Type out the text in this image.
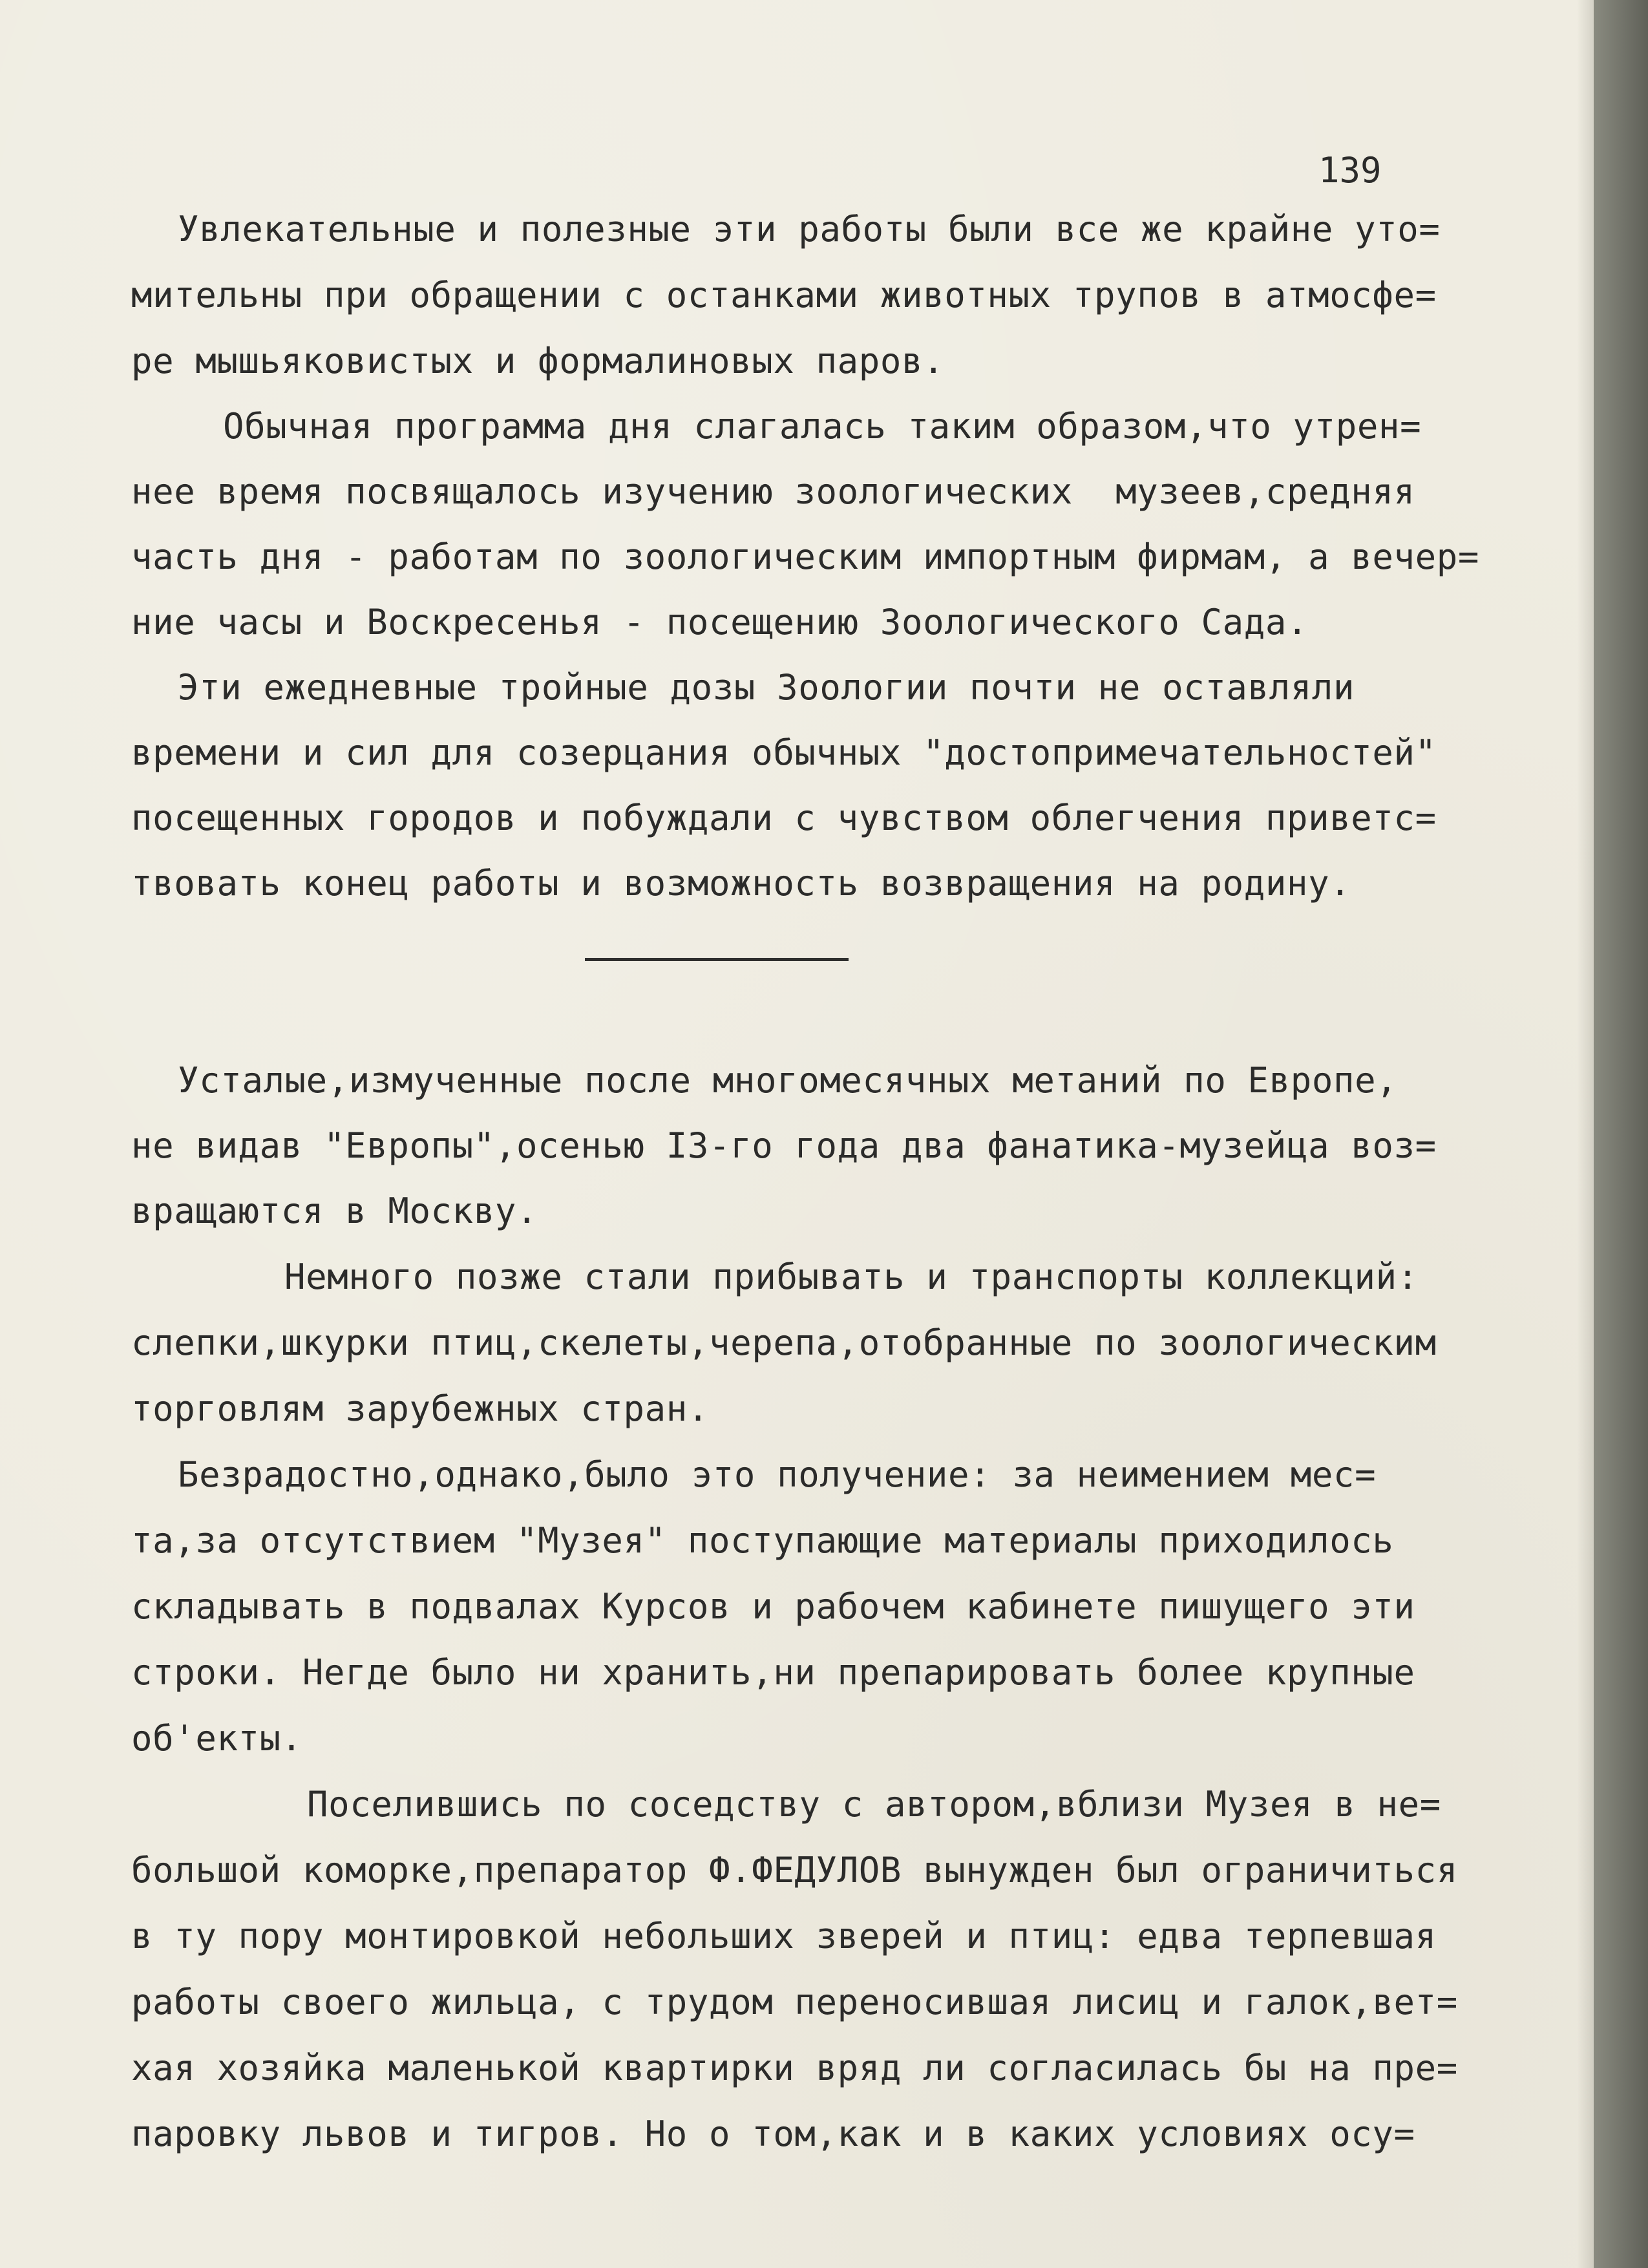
139
Увлекательные и полезные эти работы были все же крайне уто=
мительны при обращении с останками животных трупов в атмосфе=
ре мышьяковистых и формалиновых паров.
Обычная программа дня слагалась таким образом,что утрен=
нее время посвящалось изучению зоологических  музеев,средняя
часть дня - работам по зоологическим импортным фирмам, а вечер=
ние часы и Воскресенья - посещению Зоологического Сада.
Эти ежедневные тройные дозы Зоологии почти не оставляли
времени и сил для созерцания обычных "достопримечательностей"
посещенных городов и побуждали с чувством облегчения приветс=
твовать конец работы и возможность возвращения на родину.
Усталые,измученные после многомесячных метаний по Европе,
не видав "Европы",осенью I3-го года два фанатика-музейца воз=
вращаются в Москву.
Немного позже стали прибывать и транспорты коллекций:
слепки,шкурки птиц,скелеты,черепа,отобранные по зоологическим
торговлям зарубежных стран.
Безрадостно,однако,было это получение: за неимением мес=
та,за отсутствием "Музея" поступающие материалы приходилось
складывать в подвалах Курсов и рабочем кабинете пишущего эти
строки. Негде было ни хранить,ни препарировать более крупные
об'екты.
Поселившись по соседству с автором,вблизи Музея в не=
большой коморке,препаратор Ф.ФЕДУЛОВ вынужден был ограничиться
в ту пору монтировкой небольших зверей и птиц: едва терпевшая
работы своего жильца, с трудом переносившая лисиц и галок,вет=
хая хозяйка маленькой квартирки вряд ли согласилась бы на пре=
паровку львов и тигров. Но о том,как и в каких условиях осу=
